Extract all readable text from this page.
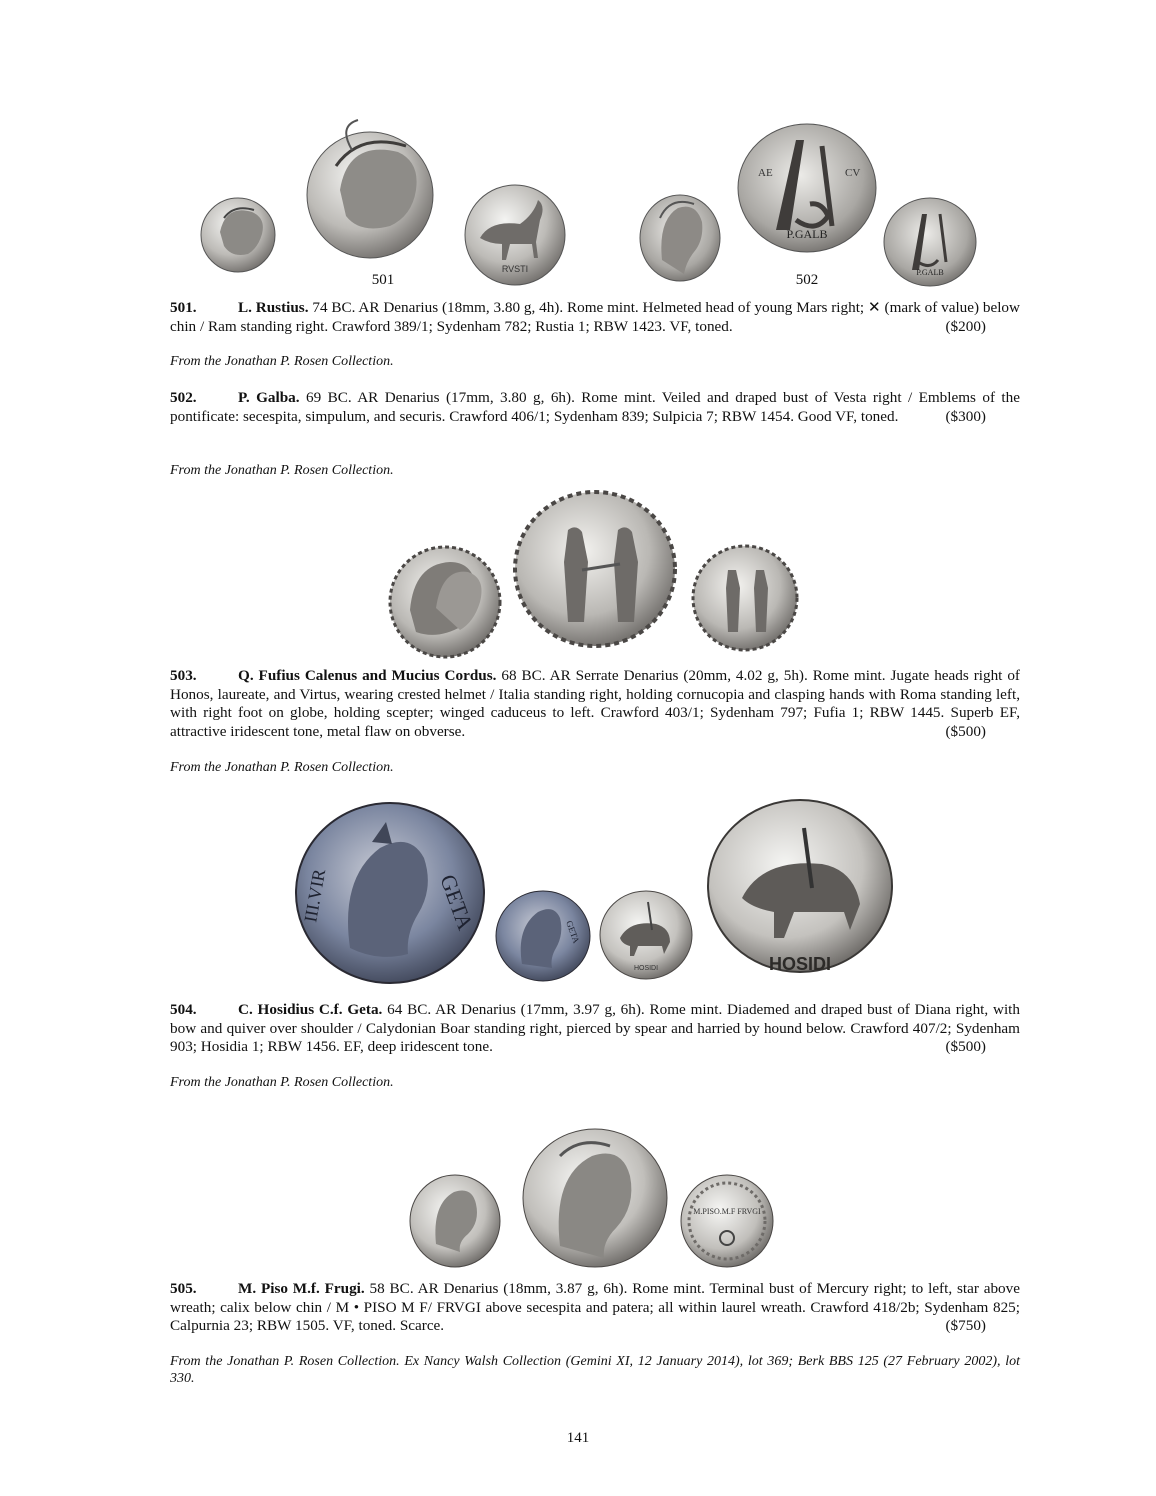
RVSTI
AE	CV
P.GALB
P.GALB
501	502
501.	L. Rustius. 74 BC. AR Denarius (18mm, 3.80 g, 4h). Rome mint. Helmeted head of young Mars right; ✕ (mark of value) below chin / Ram standing right. Crawford 389/1; Sydenham 782; Rustia 1; RBW 1423. VF, toned.	($200)
From the Jonathan P. Rosen Collection.
502.	P. Galba. 69 BC. AR Denarius (17mm, 3.80 g, 6h). Rome mint. Veiled and draped bust of Vesta right / Emblems of the pontificate: secespita, simpulum, and securis. Crawford 406/1; Sydenham 839; Sulpicia 7; RBW 1454. Good VF, toned.	($300)
From the Jonathan P. Rosen Collection.
503.	Q. Fufius Calenus and Mucius Cordus. 68 BC. AR Serrate Denarius (20mm, 4.02 g, 5h). Rome mint. Jugate heads right of Honos, laureate, and Virtus, wearing crested helmet / Italia standing right, holding cornucopia and clasping hands with Roma standing left, with right foot on globe, holding scepter; winged caduceus to left. Crawford 403/1; Sydenham 797; Fufia 1; RBW 1445. Superb EF, attractive iridescent tone, metal flaw on obverse.	($500)
From the Jonathan P. Rosen Collection.
GETA
III.VIR
GETA
HOSIDI	HOSIDI
504.	C. Hosidius C.f. Geta. 64 BC. AR Denarius (17mm, 3.97 g, 6h). Rome mint. Diademed and draped bust of Diana right, with bow and quiver over shoulder / Calydonian Boar standing right, pierced by spear and harried by hound below. Crawford 407/2; Sydenham 903; Hosidia 1; RBW 1456. EF, deep iridescent tone.	($500)
From the Jonathan P. Rosen Collection.
M.PISO.M.F FRVGI
505.	M. Piso M.f. Frugi. 58 BC. AR Denarius (18mm, 3.87 g, 6h). Rome mint. Terminal bust of Mercury right; to left, star above wreath; calix below chin / M • PISO M F/ FRVGI above secespita and patera; all within laurel wreath. Crawford 418/2b; Sydenham 825; Calpurnia 23; RBW 1505. VF, toned. Scarce.	($750)
From the Jonathan P. Rosen Collection. Ex Nancy Walsh Collection (Gemini XI, 12 January 2014), lot 369; Berk BBS 125 (27 February 2002), lot 330.
141
